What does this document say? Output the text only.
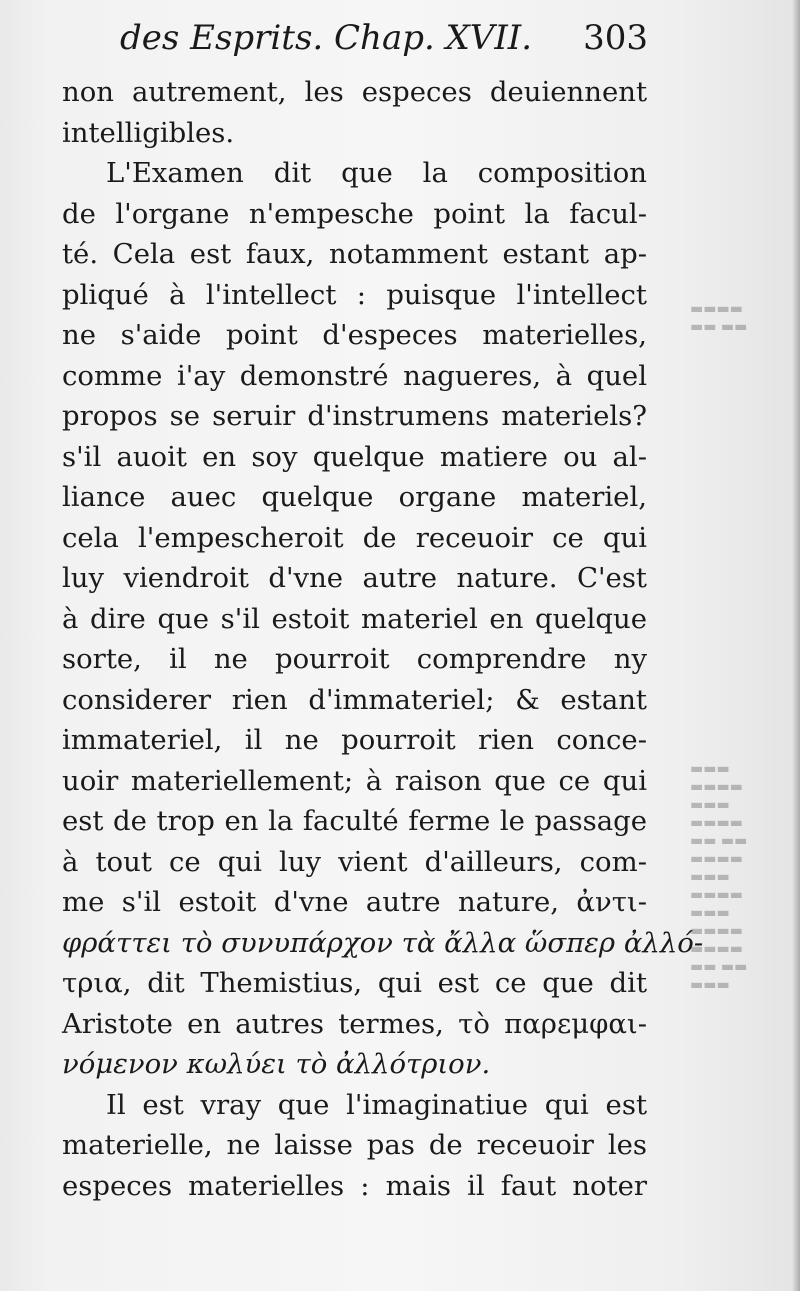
des Esprits. Chap. XVII. 303
non autrement, les especes deuiennent
intelligibles.
L'Examen dit que la composition
de l'organe n'empesche point la facul-
té. Cela est faux, notamment estant ap-
pliqué à l'intellect : puisque l'intellect
ne s'aide point d'especes materielles,
comme i'ay demonstré nagueres, à quel
propos se seruir d'instrumens materiels?
s'il auoit en soy quelque matiere ou al-
liance auec quelque organe materiel,
cela l'empescheroit de receuoir ce qui
luy viendroit d'vne autre nature. C'est
à dire que s'il estoit materiel en quelque
sorte, il ne pourroit comprendre ny
considerer rien d'immateriel; & estant
immateriel, il ne pourroit rien conce-
uoir materiellement; à raison que ce qui
est de trop en la faculté ferme le passage
à tout ce qui luy vient d'ailleurs, com-
me s'il estoit d'vne autre nature, ἀντι-
φράττει τὸ συνυπάρχον τὰ ἄλλα ὥσπερ ἀλλό-
τρια, dit Themistius, qui est ce que dit
Aristote en autres termes, τὸ παρεμφαι-
νόμενον κωλύει τὸ ἀλλότριον.
Il est vray que l'imaginatiue qui est
materielle, ne laisse pas de receuoir les
especes materielles : mais il faut noter
▬▬▬▬
▬▬ ▬▬
▬▬▬
▬▬▬▬
▬▬▬
▬▬▬▬
▬▬ ▬▬
▬▬▬▬
▬▬▬
▬▬▬▬
▬▬▬
▬▬▬▬
▬▬▬▬
▬▬ ▬▬
▬▬▬
